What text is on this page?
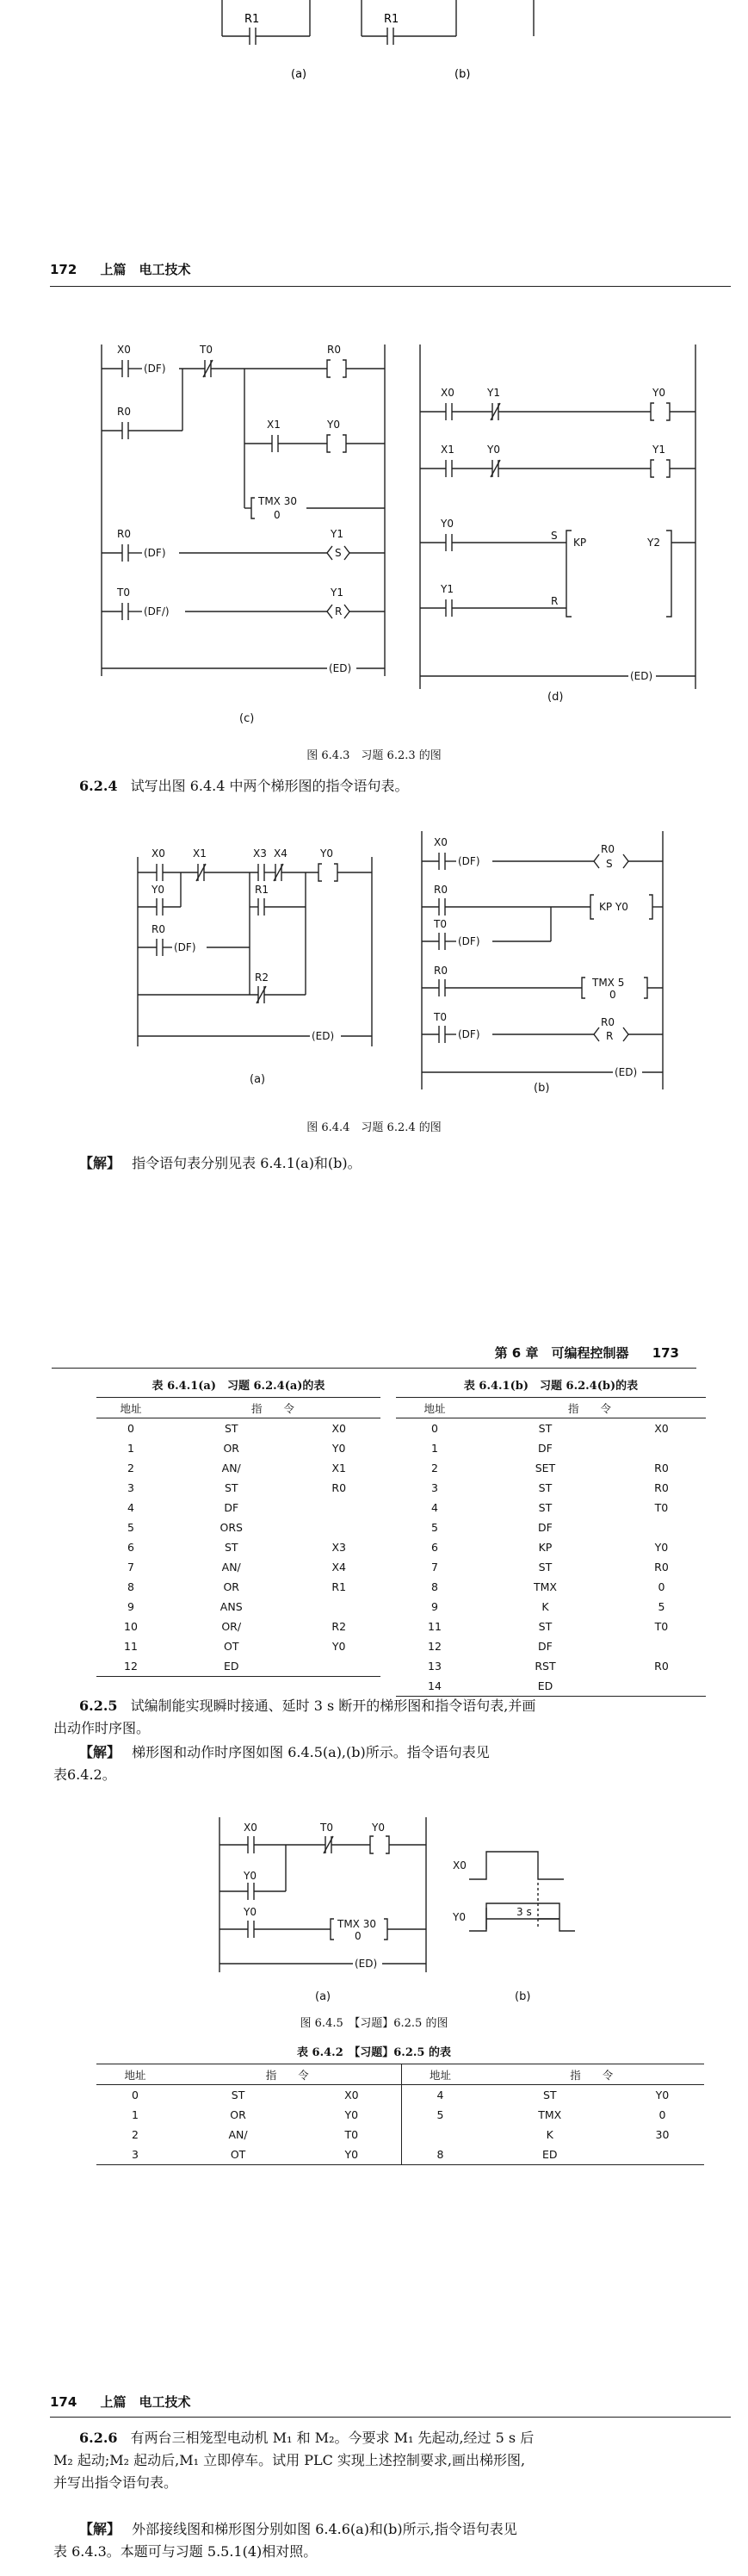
R1	R1
(a)	(b)
172 上篇　电工技术
X0
(DF)
T0	R0
R0
X1	Y0
TMX 30
0
R0
(DF)
Y1
S
T0
(DF/)
Y1
R
(ED)
X0	Y1	Y0
X1	Y0	Y1
Y0
S
KP	Y2
Y1
R
(ED)
(c)
(d)
图 6.4.3　习题 6.2.3 的图
6.2.4 试写出图 6.4.4 中两个梯形图的指令语句表。
X0	X1	X3 X4	Y0
Y0	R1
R0
(DF)
R2
(ED)
X0
(DF)
R0
S
R0
KP Y0
T0
(DF)
R0
TMX 5
0
T0
(DF)
R0
R
(ED)
(a)
(b)
图 6.4.4　习题 6.2.4 的图
【解】 指令语句表分别见表 6.4.1(a)和(b)。
第 6 章　可编程控制器 173
表 6.4.1(a)　习题 6.2.4(a)的表	表 6.4.1(b)　习题 6.2.4(b)的表
地址	指　　令	
0	ST	X0
1	OR	Y0
2	AN/	X1
3	ST	R0
4	DF	
5	ORS	
6	ST	X3
7	AN/	X4
8	OR	R1
9	ANS	
10	OR/	R2
11	OT	Y0
12	ED	
地址	指　　令	
0	ST	X0
1	DF	
2	SET	R0
3	ST	R0
4	ST	T0
5	DF	
6	KP	Y0
7	ST	R0
8	TMX	0
9	K	5
11	ST	T0
12	DF	
13	RST	R0
14	ED	
6.2.5 试编制能实现瞬时接通、延时 3 s 断开的梯形图和指令语句表,并画
出动作时序图。
【解】 梯形图和动作时序图如图 6.4.5(a),(b)所示。指令语句表见
表6.4.2。
X0	T0	Y0
Y0
Y0
TMX 30
0
(ED)
X0
Y0	3 s
(a)	(b)
图 6.4.5　【习题】6.2.5 的图
表 6.4.2　【习题】6.2.5 的表
地址	指　　令		地址	指　　令	
0	ST	X0	4	ST	Y0
1	OR	Y0	5	TMX	0
2	AN/	T0		K	30
3	OT	Y0	8	ED	
174 上篇　电工技术
6.2.6 有两台三相笼型电动机 M₁ 和 M₂。今要求 M₁ 先起动,经过 5 s 后
M₂ 起动;M₂ 起动后,M₁ 立即停车。试用 PLC 实现上述控制要求,画出梯形图,
并写出指令语句表。
【解】 外部接线图和梯形图分别如图 6.4.6(a)和(b)所示,指令语句表见
表 6.4.3。本题可与习题 5.5.1(4)相对照。
